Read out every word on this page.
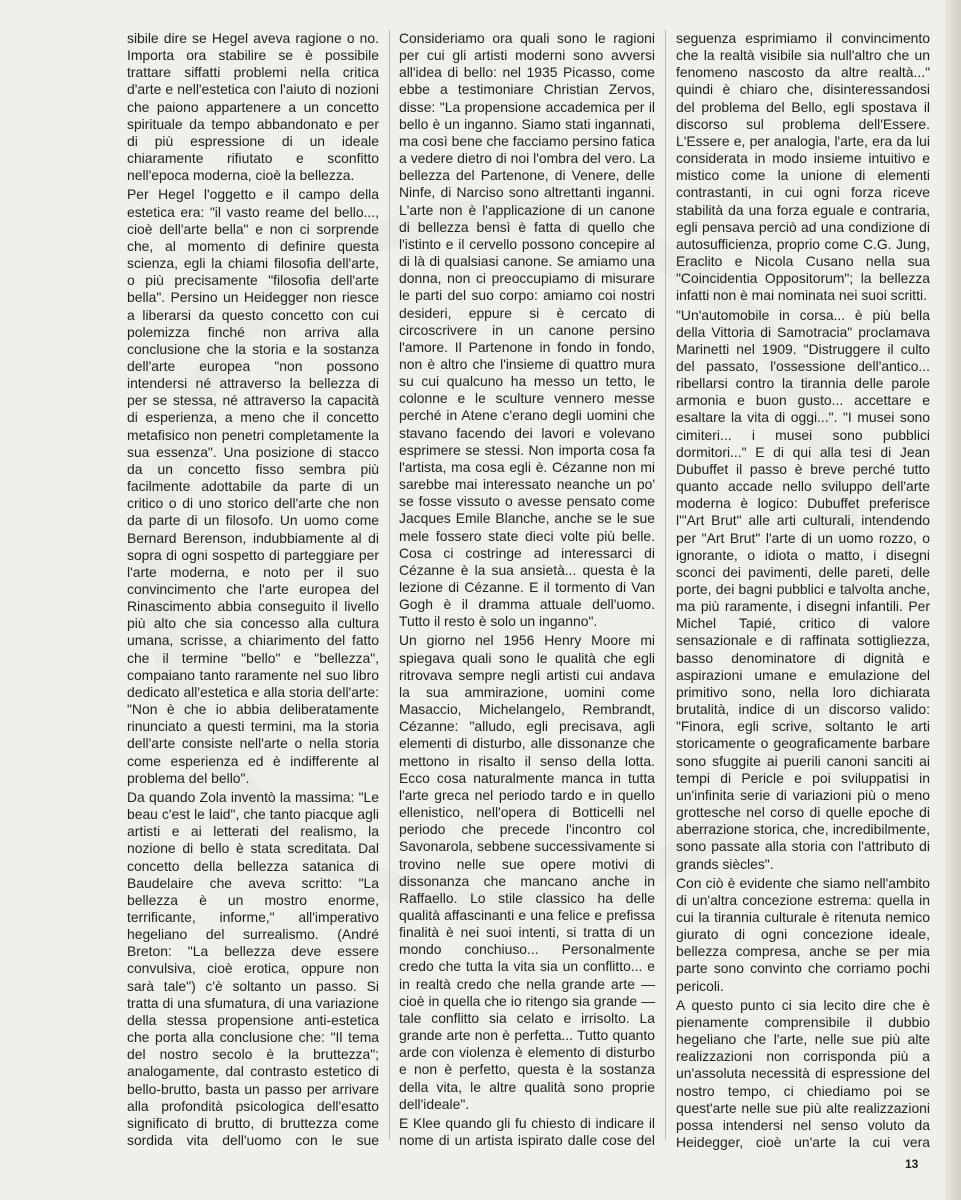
sibile dire se Hegel aveva ragione o no. Importa ora stabilire se è possibile trattare siffatti problemi nella critica d'arte e nell'estetica con l'aiuto di nozioni che paiono appartenere a un concetto spirituale da tempo abbandonato e per di più espressione di un ideale chiaramente rifiutato e sconfitto nell'epoca moderna, cioè la bellezza.

Per Hegel l'oggetto e il campo della estetica era: "il vasto reame del bello..., cioè dell'arte bella" e non ci sorprende che, al momento di definire questa scienza, egli la chiami filosofia dell'arte, o più precisamente "filosofia dell'arte bella". Persino un Heidegger non riesce a liberarsi da questo concetto con cui polemizza finché non arriva alla conclusione che la storia e la sostanza dell'arte europea "non possono intendersi né attraverso la bellezza di per se stessa, né attraverso la capacità di esperienza, a meno che il concetto metafisico non penetri completamente la sua essenza". Una posizione di stacco da un concetto fisso sembra più facilmente adottabile da parte di un critico o di uno storico dell'arte che non da parte di un filosofo. Un uomo come Bernard Berenson, indubbiamente al di sopra di ogni sospetto di parteggiare per l'arte moderna, e noto per il suo convincimento che l'arte europea del Rinascimento abbia conseguito il livello più alto che sia concesso alla cultura umana, scrisse, a chiarimento del fatto che il termine "bello" e "bellezza", compaiano tanto raramente nel suo libro dedicato all'estetica e alla storia dell'arte: "Non è che io abbia deliberatamente rinunciato a questi termini, ma la storia dell'arte consiste nell'arte o nella storia come esperienza ed è indifferente al problema del bello".

Da quando Zola inventò la massima: "Le beau c'est le laid", che tanto piacque agli artisti e ai letterati del realismo, la nozione di bello è stata screditata. Dal concetto della bellezza satanica di Baudelaire che aveva scritto: "La bellezza è un mostro enorme, terrificante, informe," all'imperativo hegeliano del surrealismo. (André Breton: "La bellezza deve essere convulsiva, cioè erotica, oppure non sarà tale") c'è soltanto un passo. Si tratta di una sfumatura, di una variazione della stessa propensione anti-estetica che porta alla conclusione che: "Il tema del nostro secolo è la bruttezza"; analogamente, dal contrasto estetico di bello-brutto, basta un passo per arrivare alla profondità psicologica dell'esatto significato di brutto, di bruttezza come sordida vita dell'uomo con le sue

Consideriamo ora quali sono le ragioni per cui gli artisti moderni sono avversi all'idea di bello: nel 1935 Picasso, come ebbe a testimoniare Christian Zervos, disse: "La propensione accademica per il bello è un inganno. Siamo stati ingannati, ma così bene che facciamo persino fatica a vedere dietro di noi l'ombra del vero. La bellezza del Partenone, di Venere, delle Ninfe, di Narciso sono altrettanti inganni. L'arte non è l'applicazione di un canone di bellezza bensì è fatta di quello che l'istinto e il cervello possono concepire al di là di qualsiasi canone. Se amiamo una donna, non ci preoccupiamo di misurare le parti del suo corpo: amiamo coi nostri desideri, eppure si è cercato di circoscrivere in un canone persino l'amore. Il Partenone in fondo in fondo, non è altro che l'insieme di quattro mura su cui qualcuno ha messo un tetto, le colonne e le sculture vennero messe perché in Atene c'erano degli uomini che stavano facendo dei lavori e volevano esprimere se stessi. Non importa cosa fa l'artista, ma cosa egli è. Cézanne non mi sarebbe mai interessato neanche un po' se fosse vissuto o avesse pensato come Jacques Emile Blanche, anche se le sue mele fossero state dieci volte più belle. Cosa ci costringe ad interessarci di Cézanne è la sua ansietà... questa è la lezione di Cézanne. E il tormento di Van Gogh è il dramma attuale dell'uomo. Tutto il resto è solo un inganno".

Un giorno nel 1956 Henry Moore mi spiegava quali sono le qualità che egli ritrovava sempre negli artisti cui andava la sua ammirazione, uomini come Masaccio, Michelangelo, Rembrandt, Cézanne: "alludo, egli precisava, agli elementi di disturbo, alle dissonanze che mettono in risalto il senso della lotta. Ecco cosa naturalmente manca in tutta l'arte greca nel periodo tardo e in quello ellenistico, nell'opera di Botticelli nel periodo che precede l'incontro col Savonarola, sebbene successivamente si trovino nelle sue opere motivi di dissonanza che mancano anche in Raffaello. Lo stile classico ha delle qualità affascinanti e una felice e prefissa finalità è nei suoi intenti, si tratta di un mondo conchiuso... Personalmente credo che tutta la vita sia un conflitto... e in realtà credo che nella grande arte — cioè in quella che io ritengo sia grande — tale conflitto sia celato e irrisolto. La grande arte non è perfetta... Tutto quanto arde con violenza è elemento di disturbo e non è perfetto, questa è la sostanza della vita, le altre qualità sono proprie dell'ideale".

E Klee quando gli fu chiesto di indicare il nome di un artista ispirato dalle cose del

seguenza esprimiamo il convincimento che la realtà visibile sia null'altro che un fenomeno nascosto da altre realtà..." quindi è chiaro che, disinteressandosi del problema del Bello, egli spostava il discorso sul problema dell'Essere. L'Essere e, per analogia, l'arte, era da lui considerata in modo insieme intuitivo e mistico come la unione di elementi contrastanti, in cui ogni forza riceve stabilità da una forza eguale e contraria, egli pensava perciò ad una condizione di autosufficienza, proprio come C.G. Jung, Eraclito e Nicola Cusano nella sua "Coincidentia Oppositorum"; la bellezza infatti non è mai nominata nei suoi scritti.

"Un'automobile in corsa... è più bella della Vittoria di Samotracia" proclamava Marinetti nel 1909. "Distruggere il culto del passato, l'ossessione dell'antico... ribellarsi contro la tirannia delle parole armonia e buon gusto... accettare e esaltare la vita di oggi...". "I musei sono cimiteri... i musei sono pubblici dormitori..." E di qui alla tesi di Jean Dubuffet il passo è breve perché tutto quanto accade nello sviluppo dell'arte moderna è logico: Dubuffet preferisce l'"Art Brut" alle arti culturali, intendendo per "Art Brut" l'arte di un uomo rozzo, o ignorante, o idiota o matto, i disegni sconci dei pavimenti, delle pareti, delle porte, dei bagni pubblici e talvolta anche, ma più raramente, i disegni infantili. Per Michel Tapié, critico di valore sensazionale e di raffinata sottigliezza, basso denominatore di dignità e aspirazioni umane e emulazione del primitivo sono, nella loro dichiarata brutalità, indice di un discorso valido: "Finora, egli scrive, soltanto le arti storicamente o geograficamente barbare sono sfuggite ai puerili canoni sanciti ai tempi di Pericle e poi sviluppatisi in un'infinita serie di variazioni più o meno grottesche nel corso di quelle epoche di aberrazione storica, che, incredibilmente, sono passate alla storia con l'attributo di grands siècles".

Con ciò è evidente che siamo nell'ambito di un'altra concezione estrema: quella in cui la tirannia culturale è ritenuta nemico giurato di ogni concezione ideale, bellezza compresa, anche se per mia parte sono convinto che corriamo pochi pericoli.

A questo punto ci sia lecito dire che è pienamente comprensibile il dubbio hegeliano che l'arte, nelle sue più alte realizzazioni non corrisponda più a un'assoluta necessità di espressione del nostro tempo, ci chiediamo poi se quest'arte nelle sue più alte realizzazioni possa intendersi nel senso voluto da Heidegger, cioè un'arte la cui vera

13
